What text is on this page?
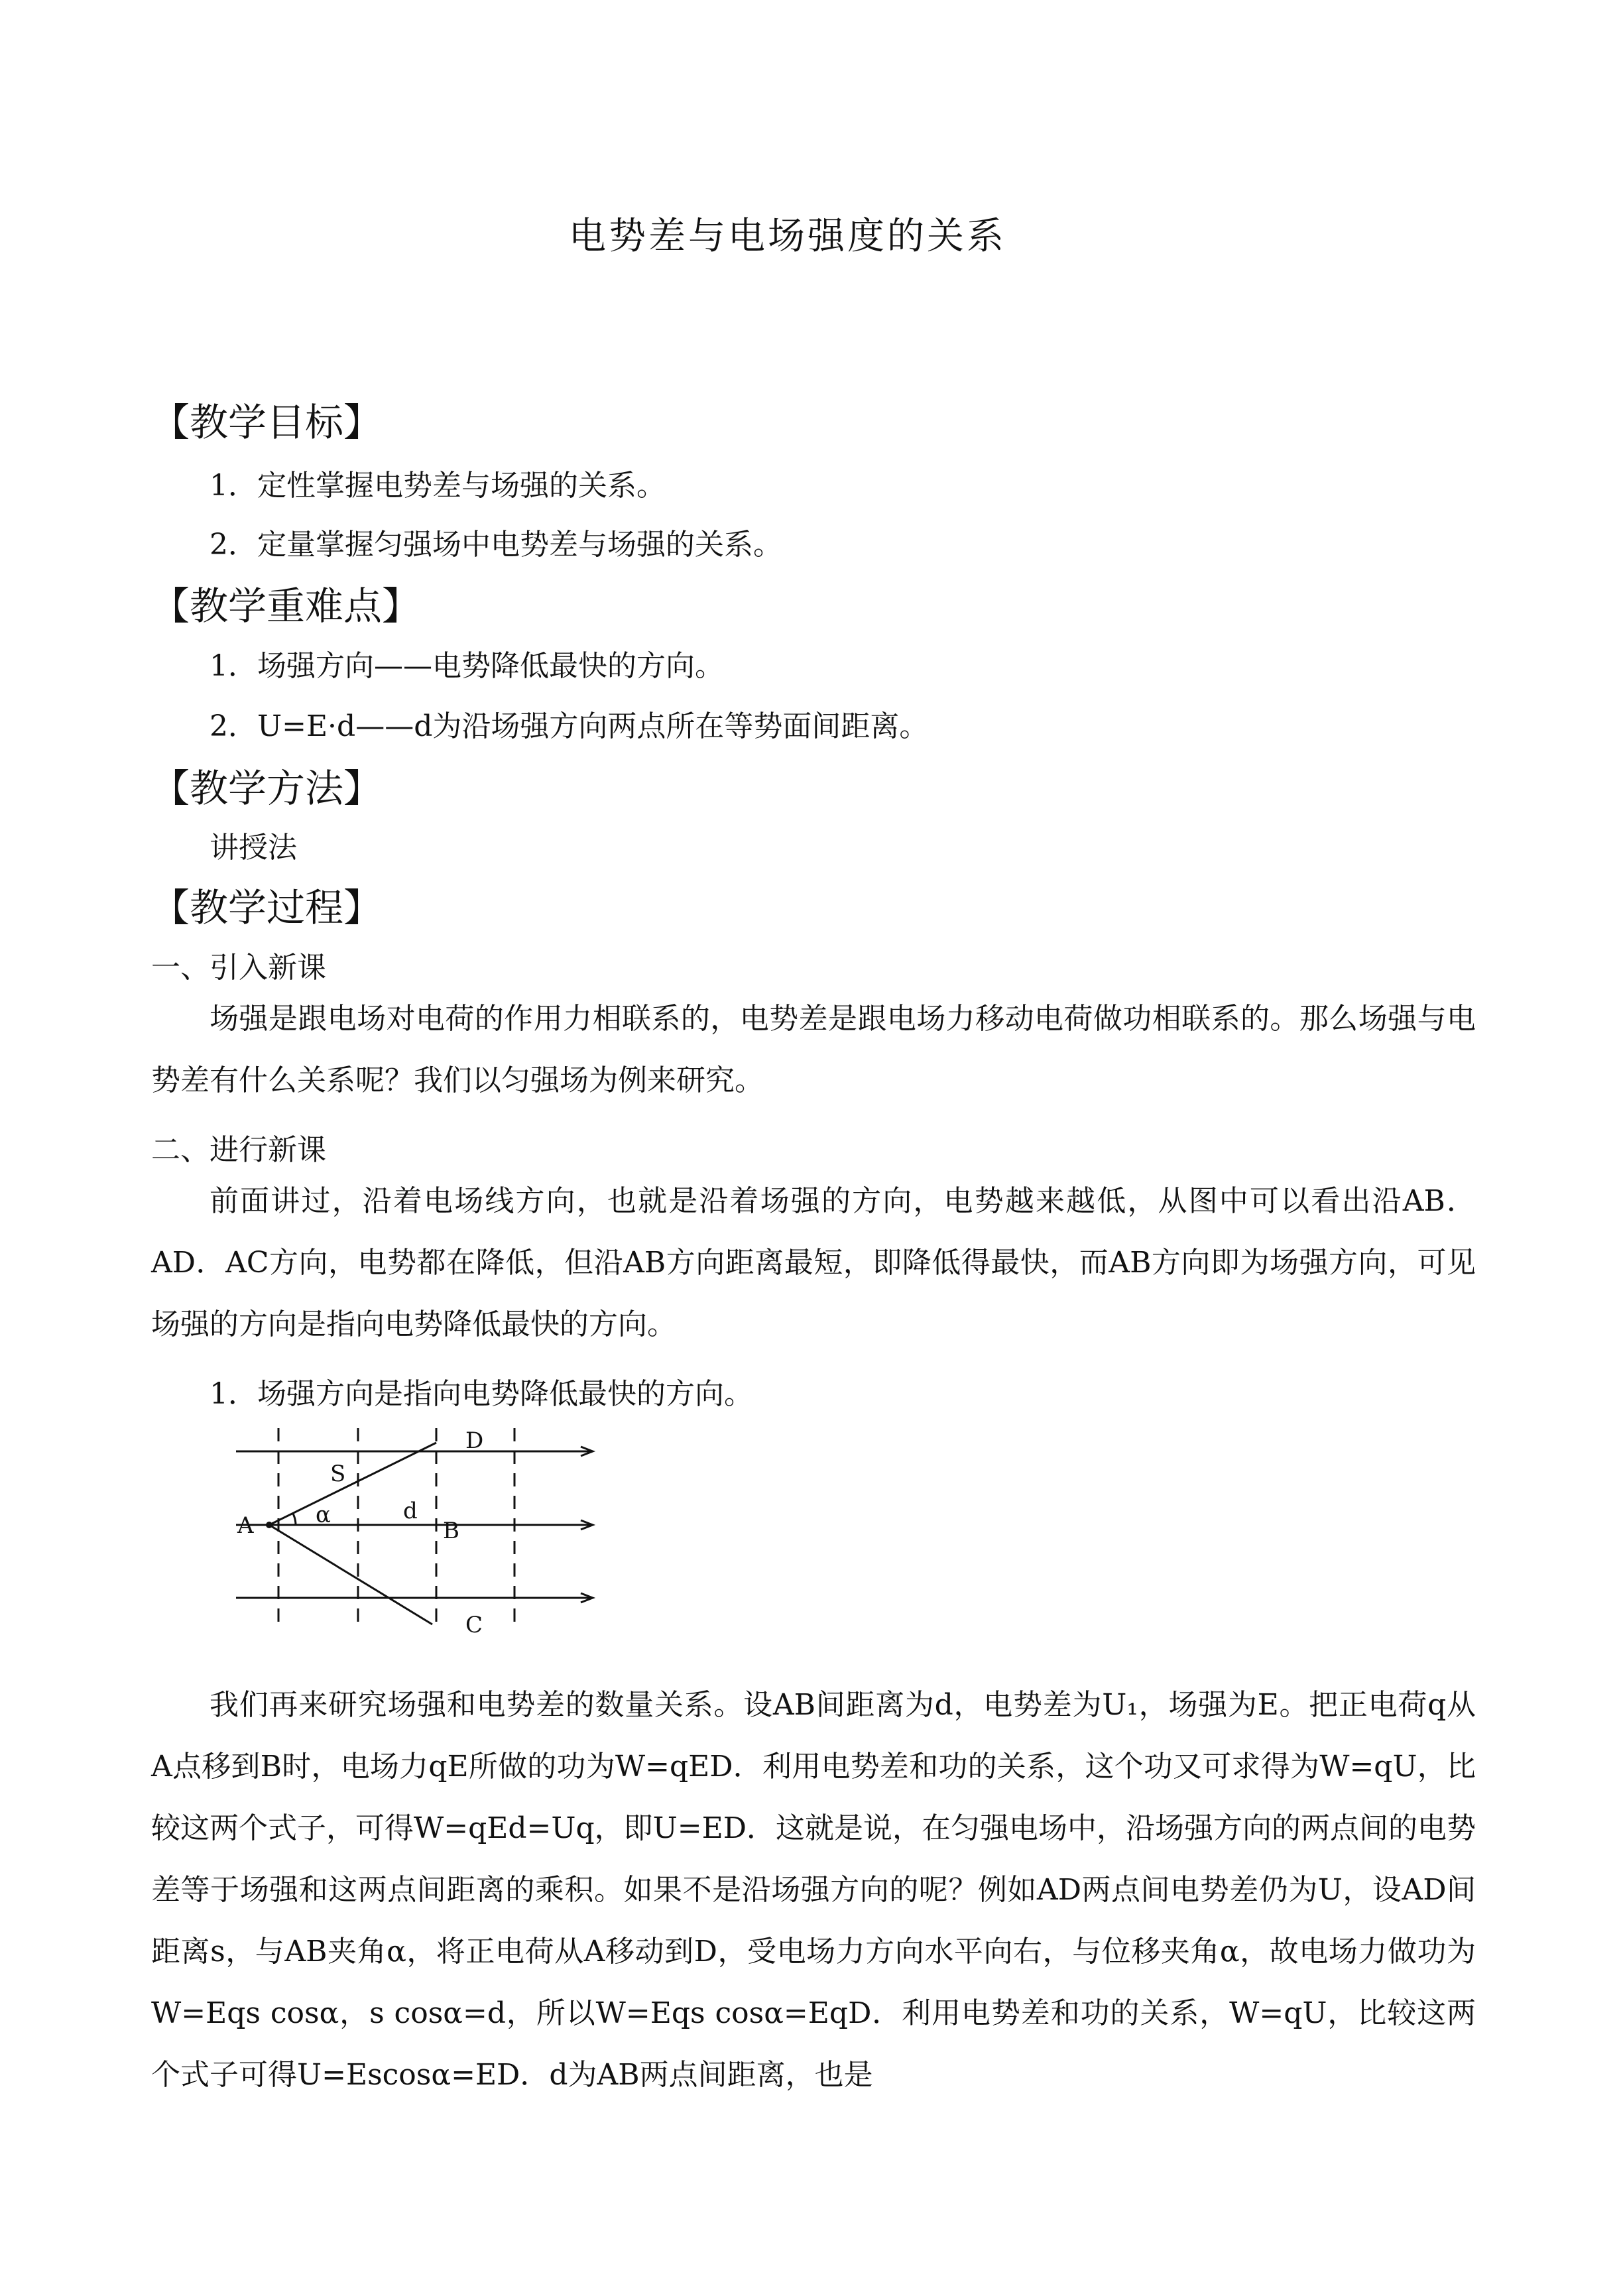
电势差与电场强度的关系
【教学目标】
1．定性掌握电势差与场强的关系。
2．定量掌握匀强场中电势差与场强的关系。
【教学重难点】
1．场强方向——电势降低最快的方向。
2．U=E·d——d为沿场强方向两点所在等势面间距离。
【教学方法】
讲授法
【教学过程】
一、引入新课

场强是跟电场对电荷的作用力相联系的，电势差是跟电场力移动电荷做功相联系的。那么场强与电势差有什么关系呢？我们以匀强场为例来研究。

二、进行新课

前面讲过，沿着电场线方向，也就是沿着场强的方向，电势越来越低，从图中可以看出沿AB．AD．AC方向，电势都在降低，但沿AB方向距离最短，即降低得最快，而AB方向即为场强方向，可见场强的方向是指向电势降低最快的方向。

1．场强方向是指向电势降低最快的方向。
A	B
C
D
S
d
α

我们再来研究场强和电势差的数量关系。设AB间距离为d，电势差为U₁，场强为E。把正电荷q从A点移到B时，电场力qE所做的功为W=qED．利用电势差和功的关系，这个功又可求得为W=qU，比较这两个式子，可得W=qEd=Uq，即U=ED．这就是说，在匀强电场中，沿场强方向的两点间的电势差等于场强和这两点间距离的乘积。如果不是沿场强方向的呢？例如AD两点间电势差仍为U，设AD间距离s，与AB夹角α，将正电荷从A移动到D，受电场力方向水平向右，与位移夹角α，故电场力做功为W=Eqs cosα，s cosα=d，所以W=Eqs cosα=EqD．利用电势差和功的关系，W=qU，比较这两个式子可得U=Escosα=ED．d为AB两点间距离，也是
